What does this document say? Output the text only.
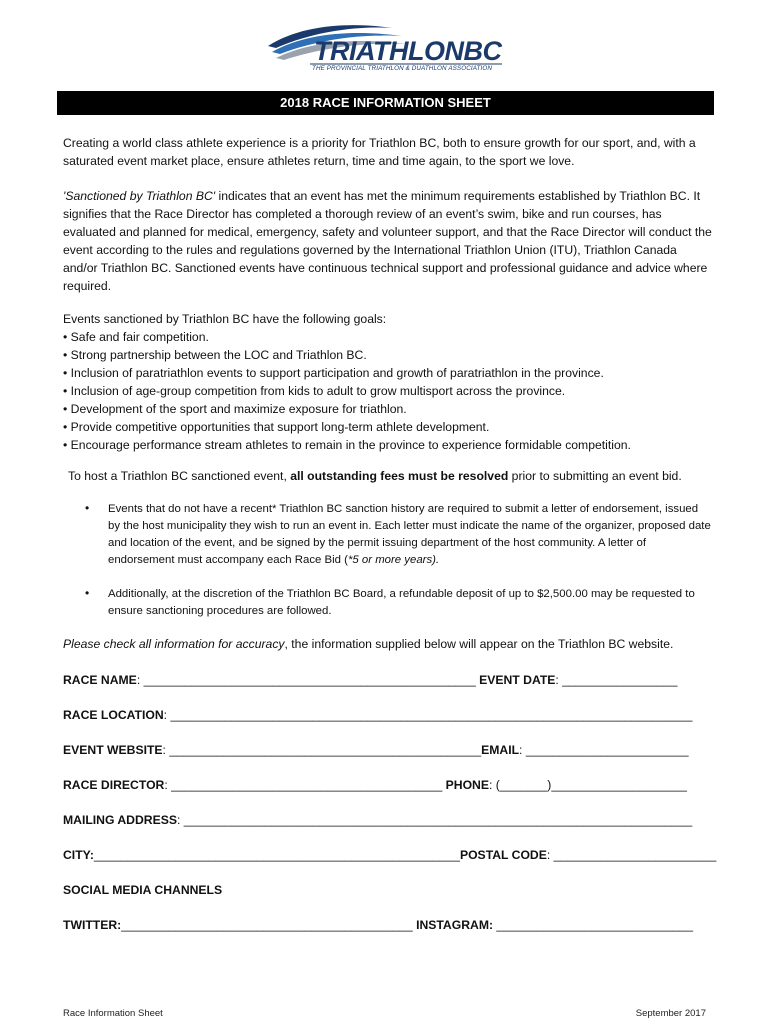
TRIATHLONBC
THE PROVINCIAL TRIATHLON & DUATHLON ASSOCIATION
2018 RACE INFORMATION SHEET

Creating a world class athlete experience is a priority for Triathlon BC, both to ensure growth for our sport, and, with a saturated event market place, ensure athletes return, time and time again, to the sport we love.

'Sanctioned by Triathlon BC' indicates that an event has met the minimum requirements established by Triathlon BC. It signifies that the Race Director has completed a thorough review of an event’s swim, bike and run courses, has evaluated and planned for medical, emergency, safety and volunteer support, and that the Race Director will conduct the event according to the rules and regulations governed by the International Triathlon Union (ITU), Triathlon Canada and/or Triathlon BC. Sanctioned events have continuous technical support and professional guidance and advice where required.

Events sanctioned by Triathlon BC have the following goals:

• Safe and fair competition.
• Strong partnership between the LOC and Triathlon BC.
• Inclusion of paratriathlon events to support participation and growth of paratriathlon in the province.
• Inclusion of age-group competition from kids to adult to grow multisport across the province.
• Development of the sport and maximize exposure for triathlon.
• Provide competitive opportunities that support long-term athlete development.
• Encourage performance stream athletes to remain in the province to experience formidable competition.

To host a Triathlon BC sanctioned event, all outstanding fees must be resolved prior to submitting an event bid.

• Events that do not have a recent* Triathlon BC sanction history are required to submit a letter of endorsement, issued by the host municipality they wish to run an event in. Each letter must indicate the name of the organizer, proposed date and location of the event, and be signed by the permit issuing department of the host community. A letter of endorsement must accompany each Race Bid (*5 or more years).
• Additionally, at the discretion of the Triathlon BC Board, a refundable deposit of up to $2,500.00 may be requested to ensure sanctioning procedures are followed.

Please check all information for accuracy, the information supplied below will appear on the Triathlon BC website.

RACE NAME: _________________________________________________ EVENT DATE: _________________
RACE LOCATION: _____________________________________________________________________________
EVENT WEBSITE: ______________________________________________EMAIL: ________________________
RACE DIRECTOR: ________________________________________ PHONE: (_______)____________________
MAILING ADDRESS: ___________________________________________________________________________
CITY:______________________________________________________POSTAL CODE: ________________________
SOCIAL MEDIA CHANNELS
TWITTER:___________________________________________ INSTAGRAM: _____________________________
Race Information Sheet	September 2017
